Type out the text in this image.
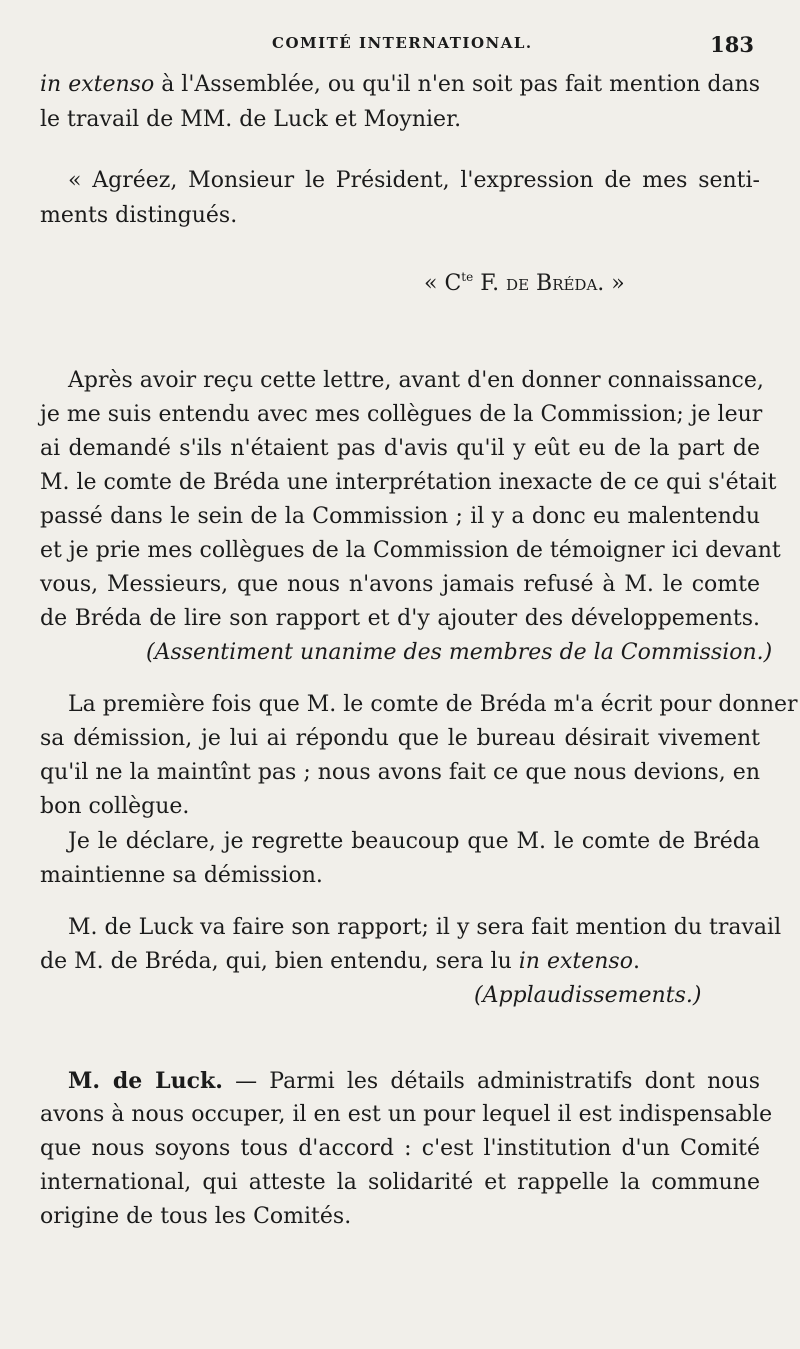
COMITÉ INTERNATIONAL.	183
in extenso à l'Assemblée, ou qu'il n'en soit pas fait mention dans
le travail de MM. de Luck et Moynier.
« Agréez, Monsieur le Président, l'expression de mes senti-
ments distingués.
« $C^{te}$ F. de Bréda. »
Après avoir reçu cette lettre, avant d'en donner connaissance,
je me suis entendu avec mes collègues de la Commission; je leur
ai demandé s'ils n'étaient pas d'avis qu'il y eût eu de la part de
M. le comte de Bréda une interprétation inexacte de ce qui s'était
passé dans le sein de la Commission ; il y a donc eu malentendu
et je prie mes collègues de la Commission de témoigner ici devant
vous, Messieurs, que nous n'avons jamais refusé à M. le comte
de Bréda de lire son rapport et d'y ajouter des développements.
(Assentiment unanime des membres de la Commission.)
La première fois que M. le comte de Bréda m'a écrit pour donner
sa démission, je lui ai répondu que le bureau désirait vivement
qu'il ne la maintînt pas ; nous avons fait ce que nous devions, en
bon collègue.
Je le déclare, je regrette beaucoup que M. le comte de Bréda
maintienne sa démission.
M. de Luck va faire son rapport; il y sera fait mention du travail
de M. de Bréda, qui, bien entendu, sera lu in extenso.
(Applaudissements.)
M. de Luck. — Parmi les détails administratifs dont nous
avons à nous occuper, il en est un pour lequel il est indispensable
que nous soyons tous d'accord : c'est l'institution d'un Comité
international, qui atteste la solidarité et rappelle la commune
origine de tous les Comités.
